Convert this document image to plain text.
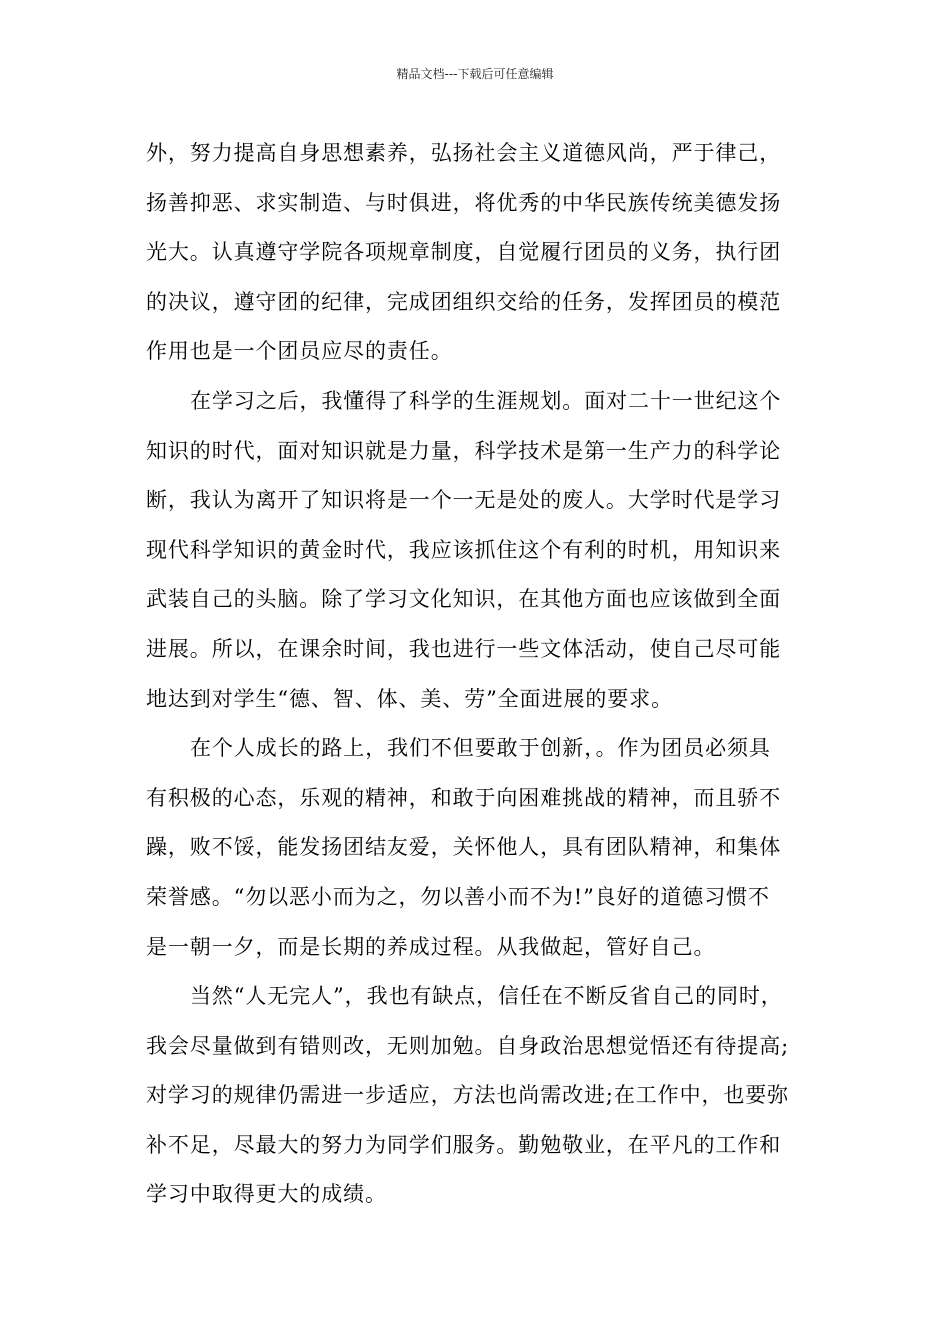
精品文档---下载后可任意编辑
外，努力提高自身思想素养，弘扬社会主义道德风尚，严于律己，
扬善抑恶、求实制造、与时俱进，将优秀的中华民族传统美德发扬
光大。认真遵守学院各项规章制度，自觉履行团员的义务，执行团
的决议，遵守团的纪律，完成团组织交给的任务，发挥团员的模范
作用也是一个团员应尽的责任。
在学习之后，我懂得了科学的生涯规划。面对二十一世纪这个
知识的时代，面对知识就是力量，科学技术是第一生产力的科学论
断，我认为离开了知识将是一个一无是处的废人。大学时代是学习
现代科学知识的黄金时代，我应该抓住这个有利的时机，用知识来
武装自己的头脑。除了学习文化知识，在其他方面也应该做到全面
进展。所以，在课余时间，我也进行一些文体活动，使自己尽可能
地达到对学生“德、智、体、美、劳”全面进展的要求。
在个人成长的路上，我们不但要敢于创新，。作为团员必须具
有积极的心态，乐观的精神，和敢于向困难挑战的精神，而且骄不
躁，败不馁，能发扬团结友爱，关怀他人，具有团队精神，和集体
荣誉感。“勿以恶小而为之，勿以善小而不为!”良好的道德习惯不
是一朝一夕，而是长期的养成过程。从我做起，管好自己。
当然“人无完人”，我也有缺点，信任在不断反省自己的同时，
我会尽量做到有错则改，无则加勉。自身政治思想觉悟还有待提高;
对学习的规律仍需进一步适应，方法也尚需改进;在工作中，也要弥
补不足，尽最大的努力为同学们服务。勤勉敬业，在平凡的工作和
学习中取得更大的成绩。
